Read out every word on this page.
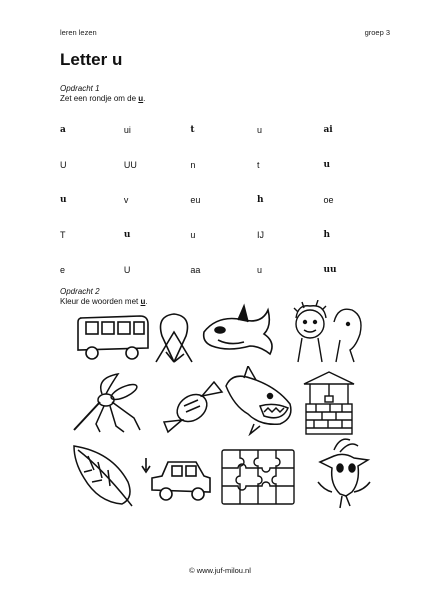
leren lezen	groep 3
Letter u
Opdracht 1
Zet een rondje om de u.
a	ui	t	u	ai
U	UU	n	t	u
u	v	eu	h	oe
T	u	u	IJ	h
e	U	aa	u	uu
Opdracht 2
Kleur de woorden met u.
© www.juf-milou.nl
